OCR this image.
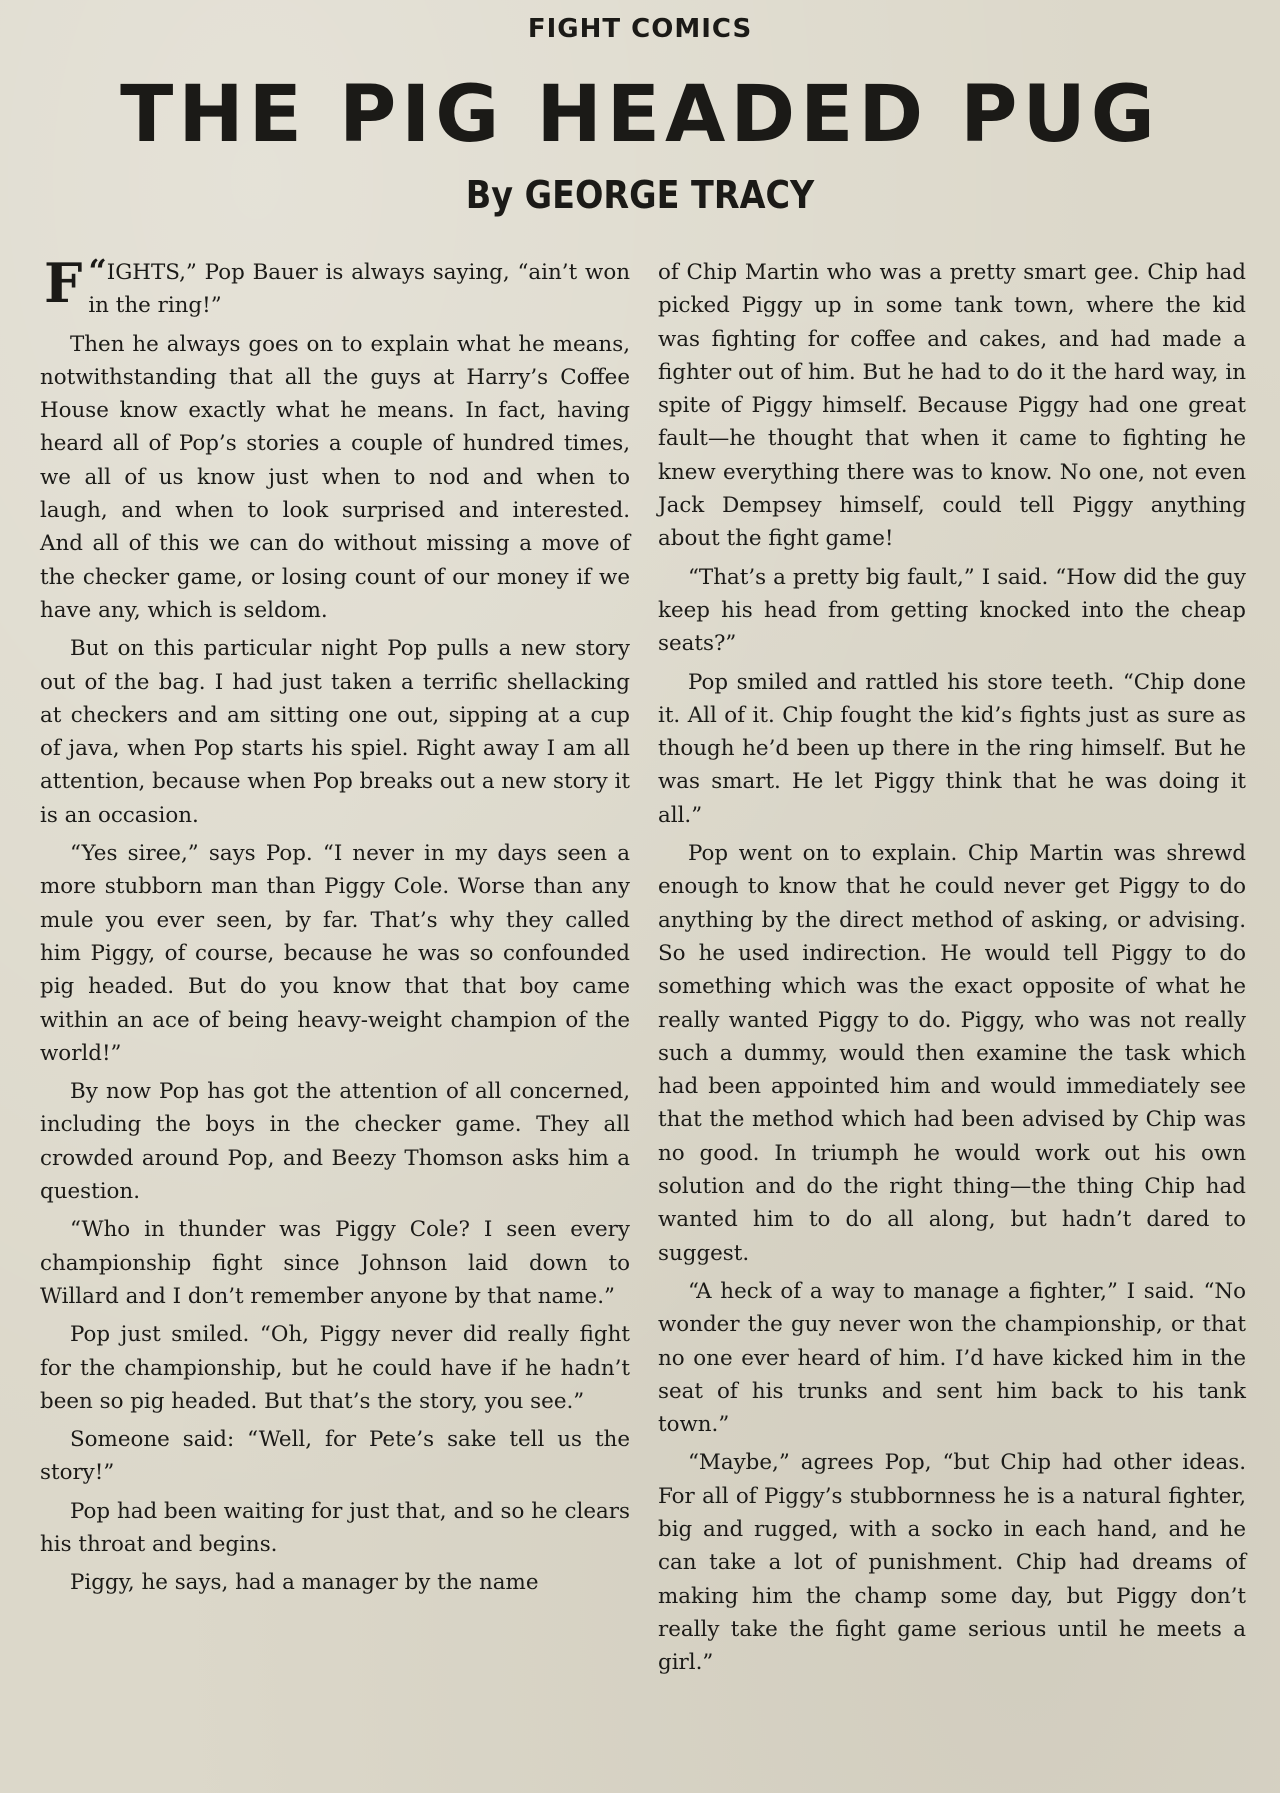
FIGHT COMICS
THE PIG HEADED PUG
By GEORGE TRACY

“
F IGHTS,” Pop Bauer is always saying, “ain’t won in the ring!”

Then he always goes on to explain what he means, notwithstanding that all the guys at Harry’s Coffee House know exactly what he means. In fact, having heard all of Pop’s stories a couple of hundred times, we all of us know just when to nod and when to laugh, and when to look surprised and interested. And all of this we can do without missing a move of the checker game, or losing count of our money if we have any, which is seldom.

But on this particular night Pop pulls a new story out of the bag. I had just taken a terrific shellacking at checkers and am sitting one out, sipping at a cup of java, when Pop starts his spiel. Right away I am all attention, because when Pop breaks out a new story it is an occasion.

“Yes siree,” says Pop. “I never in my days seen a more stubborn man than Piggy Cole. Worse than any mule you ever seen, by far. That’s why they called him Piggy, of course, because he was so confounded pig headed. But do you know that that boy came within an ace of being heavy-weight champion of the world!”

By now Pop has got the attention of all concerned, including the boys in the checker game. They all crowded around Pop, and Beezy Thomson asks him a question.

“Who in thunder was Piggy Cole? I seen every championship fight since Johnson laid down to Willard and I don’t remember anyone by that name.”

Pop just smiled. “Oh, Piggy never did really fight for the championship, but he could have if he hadn’t been so pig headed. But that’s the story, you see.”

Someone said: “Well, for Pete’s sake tell us the story!”

Pop had been waiting for just that, and so he clears his throat and begins.

Piggy, he says, had a manager by the name

of Chip Martin who was a pretty smart gee. Chip had picked Piggy up in some tank town, where the kid was fighting for coffee and cakes, and had made a fighter out of him. But he had to do it the hard way, in spite of Piggy himself. Because Piggy had one great fault—he thought that when it came to fighting he knew everything there was to know. No one, not even Jack Dempsey himself, could tell Piggy anything about the fight game!

“That’s a pretty big fault,” I said. “How did the guy keep his head from getting knocked into the cheap seats?”

Pop smiled and rattled his store teeth. “Chip done it. All of it. Chip fought the kid’s fights just as sure as though he’d been up there in the ring himself. But he was smart. He let Piggy think that he was doing it all.”

Pop went on to explain. Chip Martin was shrewd enough to know that he could never get Piggy to do anything by the direct method of asking, or advising. So he used indirection. He would tell Piggy to do something which was the exact opposite of what he really wanted Piggy to do. Piggy, who was not really such a dummy, would then examine the task which had been appointed him and would immediately see that the method which had been advised by Chip was no good. In triumph he would work out his own solution and do the right thing—the thing Chip had wanted him to do all along, but hadn’t dared to suggest.

“A heck of a way to manage a fighter,” I said. “No wonder the guy never won the championship, or that no one ever heard of him. I’d have kicked him in the seat of his trunks and sent him back to his tank town.”

“Maybe,” agrees Pop, “but Chip had other ideas. For all of Piggy’s stubbornness he is a natural fighter, big and rugged, with a socko in each hand, and he can take a lot of punishment. Chip had dreams of making him the champ some day, but Piggy don’t really take the fight game serious until he meets a girl.”
